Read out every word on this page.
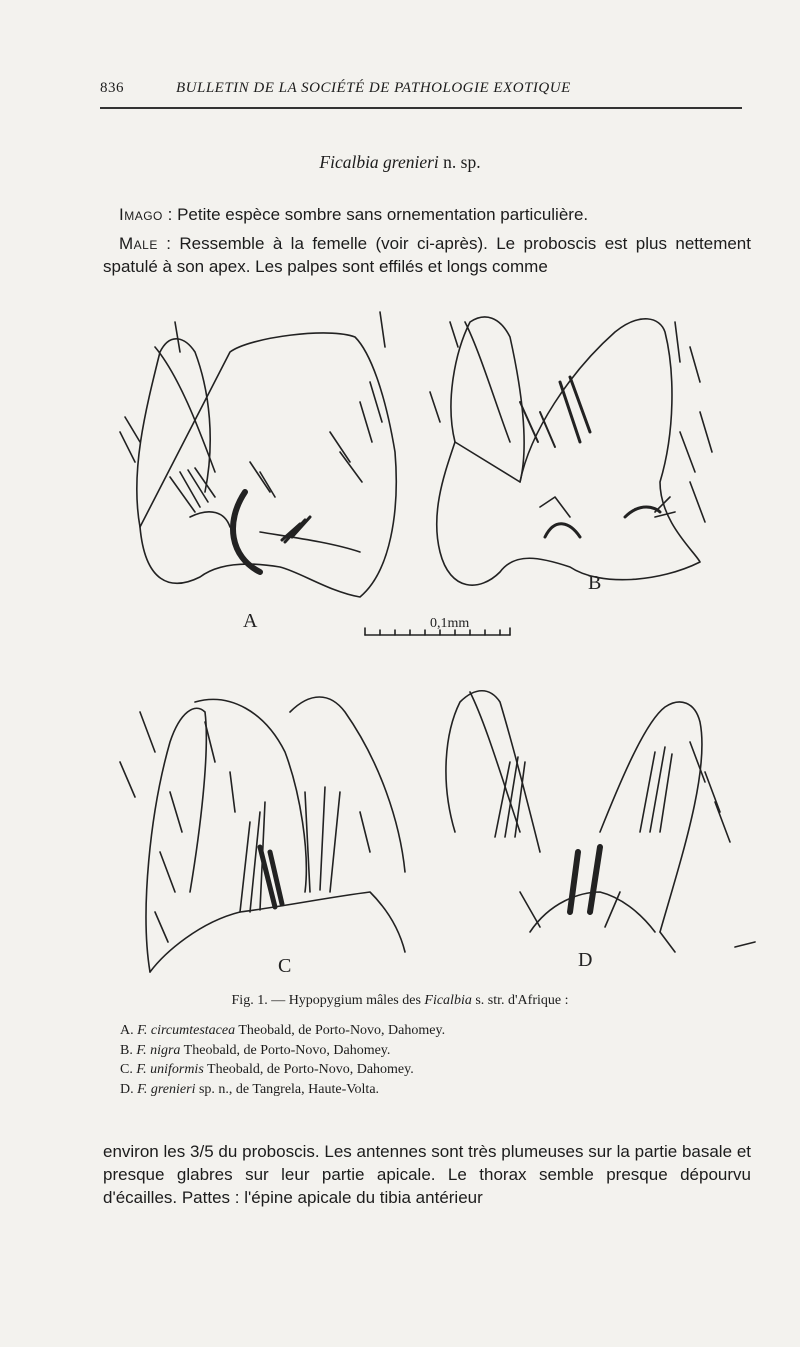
836	BULLETIN DE LA SOCIÉTÉ DE PATHOLOGIE EXOTIQUE
Ficalbia grenieri n. sp.
Imago : Petite espèce sombre sans ornementation particulière.
Male : Ressemble à la femelle (voir ci-après). Le proboscis est plus nettement spatulé à son apex. Les palpes sont effilés et longs comme
A
B
C	D
0,1mm
Fig. 1. — Hypopygium mâles des Ficalbia s. str. d'Afrique :
A. F. circumtestacea Theobald, de Porto-Novo, Dahomey.
B. F. nigra Theobald, de Porto-Novo, Dahomey.
C. F. uniformis Theobald, de Porto-Novo, Dahomey.
D. F. grenieri sp. n., de Tangrela, Haute-Volta.
environ les 3/5 du proboscis. Les antennes sont très plumeuses sur la partie basale et presque glabres sur leur partie apicale. Le thorax semble presque dépourvu d'écailles. Pattes : l'épine apicale du tibia antérieur
